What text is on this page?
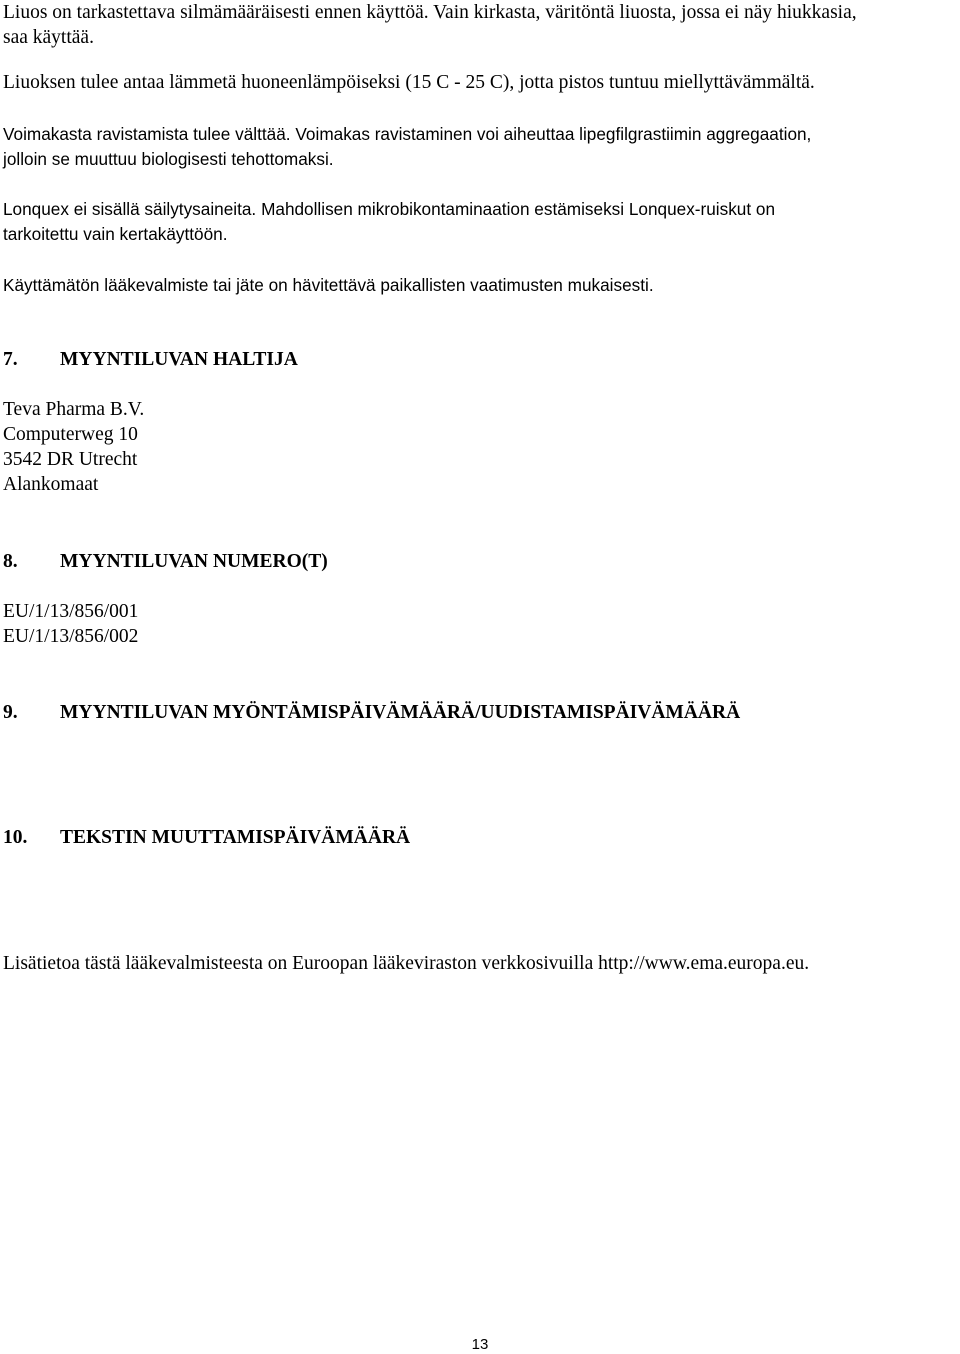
Liuos on tarkastettava silmämääräisesti ennen käyttöä. Vain kirkasta, väritöntä liuosta, jossa ei näy hiukkasia,
saa käyttää.

Liuoksen tulee antaa lämmetä huoneenlämpöiseksi (15 C - 25 C), jotta pistos tuntuu miellyttävämmältä.

Voimakasta ravistamista tulee välttää. Voimakas ravistaminen voi aiheuttaa lipegfilgrastiimin aggregaation,
jolloin se muuttuu biologisesti tehottomaksi.

Lonquex ei sisällä säilytysaineita. Mahdollisen mikrobikontaminaation estämiseksi Lonquex-ruiskut on
tarkoitettu vain kertakäyttöön.

Käyttämätön lääkevalmiste tai jäte on hävitettävä paikallisten vaatimusten mukaisesti.

7. MYYNTILUVAN HALTIJA
Teva Pharma B.V.
Computerweg 10
3542 DR Utrecht
Alankomaat
8. MYYNTILUVAN NUMERO(T)
EU/1/13/856/001
EU/1/13/856/002
9. MYYNTILUVAN MYÖNTÄMISPÄIVÄMÄÄRÄ/UUDISTAMISPÄIVÄMÄÄRÄ
10. TEKSTIN MUUTTAMISPÄIVÄMÄÄRÄ

Lisätietoa tästä lääkevalmisteesta on Euroopan lääkeviraston verkkosivuilla http://www.ema.europa.eu.

13
